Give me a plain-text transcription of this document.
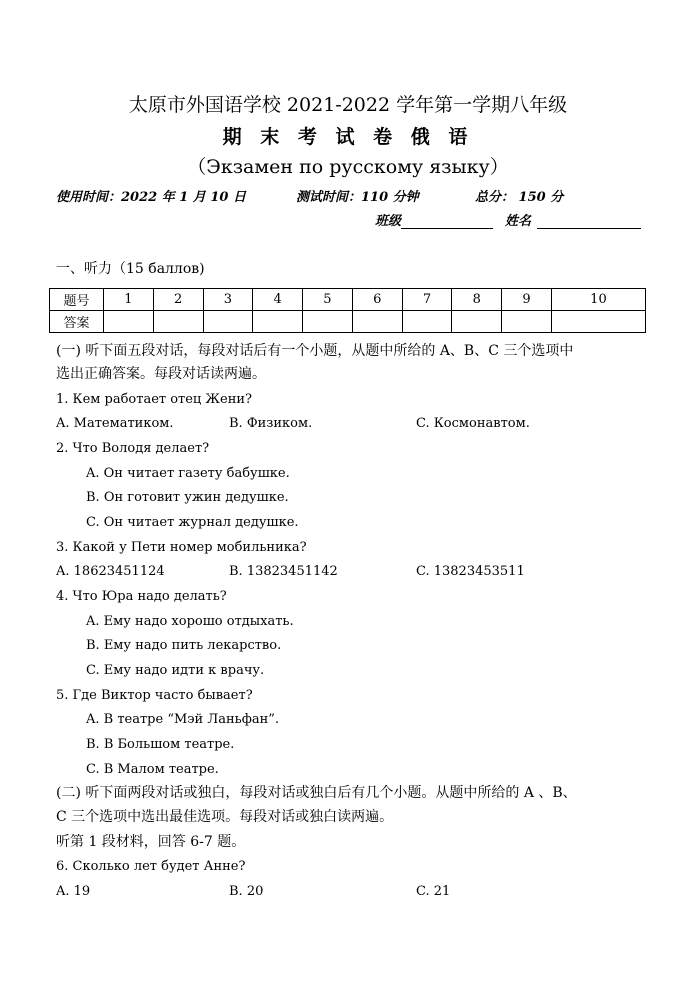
太原市外国语学校 2021-2022 学年第一学期八年级
期 末 考 试 卷 俄 语
（Экзамен по русскому языку）
使用时间：2022 年 1 月 10 日	测试时间：110 分钟	总分： 150 分
班级	姓名
一、听力（15 баллов)
题号	1	2	3	4	5	6	7	8	9	10
答案										
(一) 听下面五段对话，每段对话后有一个小题，从题中所给的 A、B、C 三个选项中
选出正确答案。每段对话读两遍。
1. Кем работает отец Жени?
A. Математиком.	B. Физиком.	C. Космонавтом.
2. Что Володя делает?
A. Он читает газету бабушке.
B. Он готовит ужин дедушке.
C. Он читает журнал дедушке.
3. Какой у Пети номер мобильника?
A. 18623451124	B. 13823451142	C. 13823453511
4. Что Юра надо делать?
A. Ему надо хорошо отдыхать.
B. Ему надо пить лекарство.
C. Ему надо идти к врачу.
5. Где Виктор часто бывает?
A. В театре “Мэй Ланьфан”.
B. В Большом театре.
C. В Малом театре.
(二) 听下面两段对话或独白，每段对话或独白后有几个小题。从题中所给的 A 、B、
C 三个选项中选出最佳选项。每段对话或独白读两遍。
听第 1 段材料，回答 6-7 题。
6. Сколько лет будет Анне?
A. 19	B. 20	C. 21
